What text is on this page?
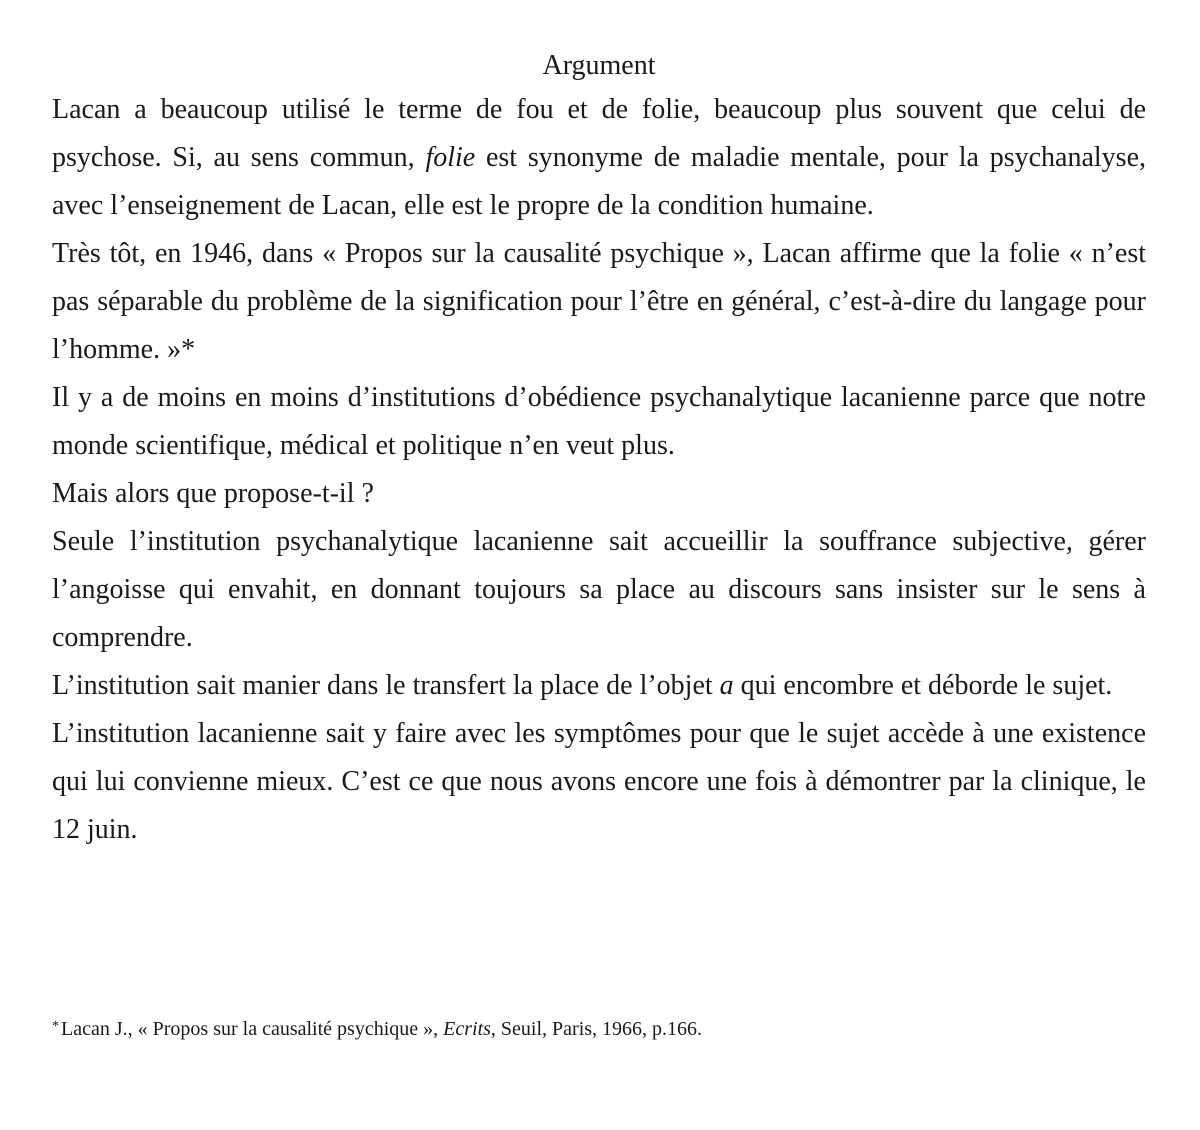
Argument

Lacan a beaucoup utilisé le terme de fou et de folie, beaucoup plus souvent que celui de psychose. Si, au sens commun, folie est synonyme de maladie mentale, pour la psychanalyse, avec l’enseignement de Lacan, elle est le propre de la condition humaine.

Très tôt, en 1946, dans « Propos sur la causalité psychique », Lacan affirme que la folie « n’est pas séparable du problème de la signification pour l’être en général, c’est-à-dire du langage pour l’homme. »*

Il y a de moins en moins d’institutions d’obédience psychanalytique lacanienne parce que notre monde scientifique, médical et politique n’en veut plus.

Mais alors que propose-t-il ?

Seule l’institution psychanalytique lacanienne sait accueillir la souffrance subjective, gérer l’angoisse qui envahit, en donnant toujours sa place au discours sans insister sur le sens à comprendre.

L’institution sait manier dans le transfert la place de l’objet a qui encombre et déborde le sujet.

L’institution lacanienne sait y faire avec les symptômes pour que le sujet accède à une existence qui lui convienne mieux. C’est ce que nous avons encore une fois à démontrer par la clinique, le 12 juin.

* Lacan J., « Propos sur la causalité psychique », Ecrits, Seuil, Paris, 1966, p.166.
